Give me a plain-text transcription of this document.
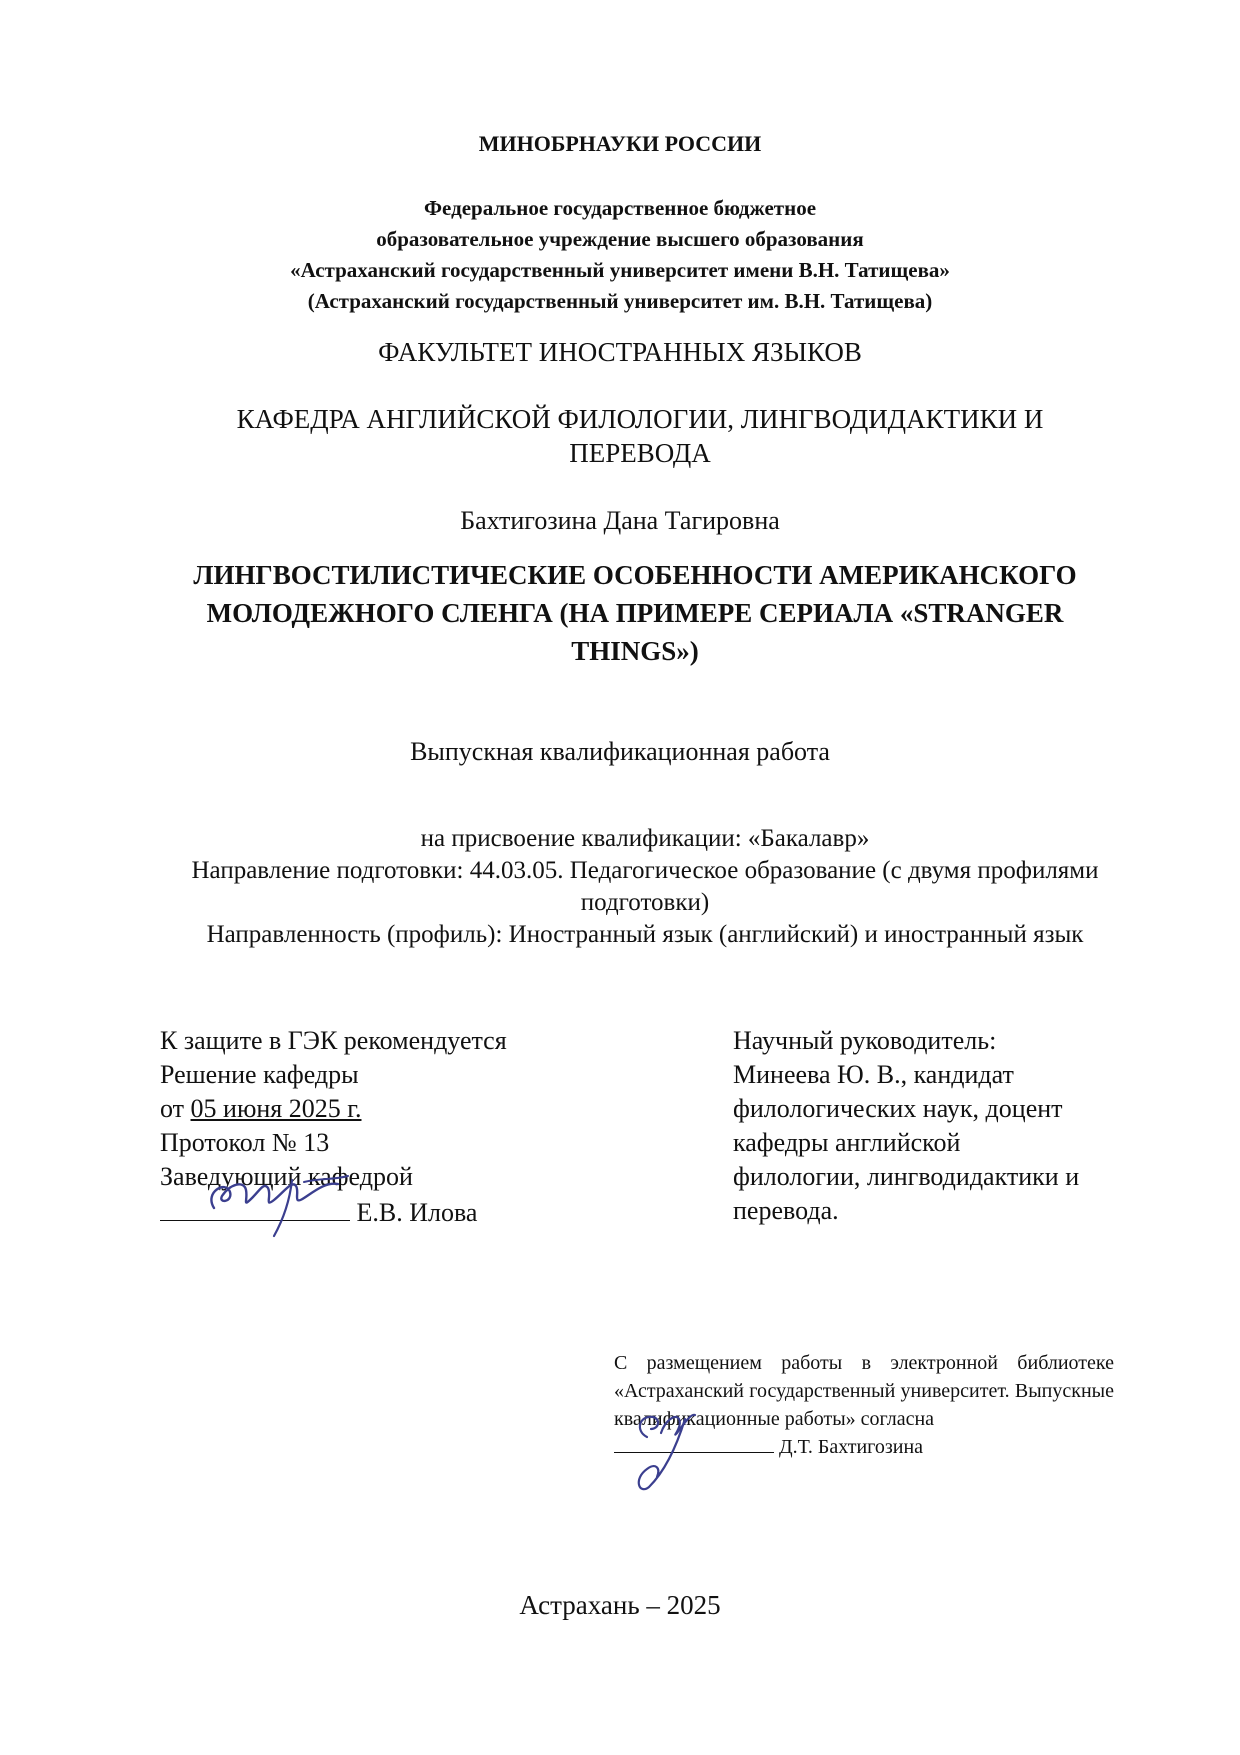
МИНОБРНАУКИ РОССИИ
Федеральное государственное бюджетное
образовательное учреждение высшего образования
«Астраханский государственный университет имени В.Н. Татищева»
(Астраханский государственный университет им. В.Н. Татищева)
ФАКУЛЬТЕТ ИНОСТРАННЫХ ЯЗЫКОВ
КАФЕДРА АНГЛИЙСКОЙ ФИЛОЛОГИИ, ЛИНГВОДИДАКТИКИ И ПЕРЕВОДА
Бахтигозина Дана Тагировна
ЛИНГВОСТИЛИСТИЧЕСКИЕ ОСОБЕННОСТИ АМЕРИКАНСКОГО МОЛОДЕЖНОГО СЛЕНГА (НА ПРИМЕРЕ СЕРИАЛА «STRANGER THINGS»)
Выпускная квалификационная работа
на присвоение квалификации: «Бакалавр»
Направление подготовки: 44.03.05. Педагогическое образование (с двумя профилями подготовки)
Направленность (профиль): Иностранный язык (английский) и иностранный язык
К защите в ГЭК рекомендуется
Решение кафедры
от 05 июня 2025 г.
Протокол № 13
Заведующий кафедрой
Е.В. Илова
Научный руководитель:
Минеева Ю. В., кандидат
филологических наук, доцент
кафедры английской
филологии, лингводидактики и
перевода.
С размещением работы в электронной библиотеке «Астраханский государственный университет. Выпускные квалификационные работы» согласна
Д.Т. Бахтигозина
Астрахань – 2025
